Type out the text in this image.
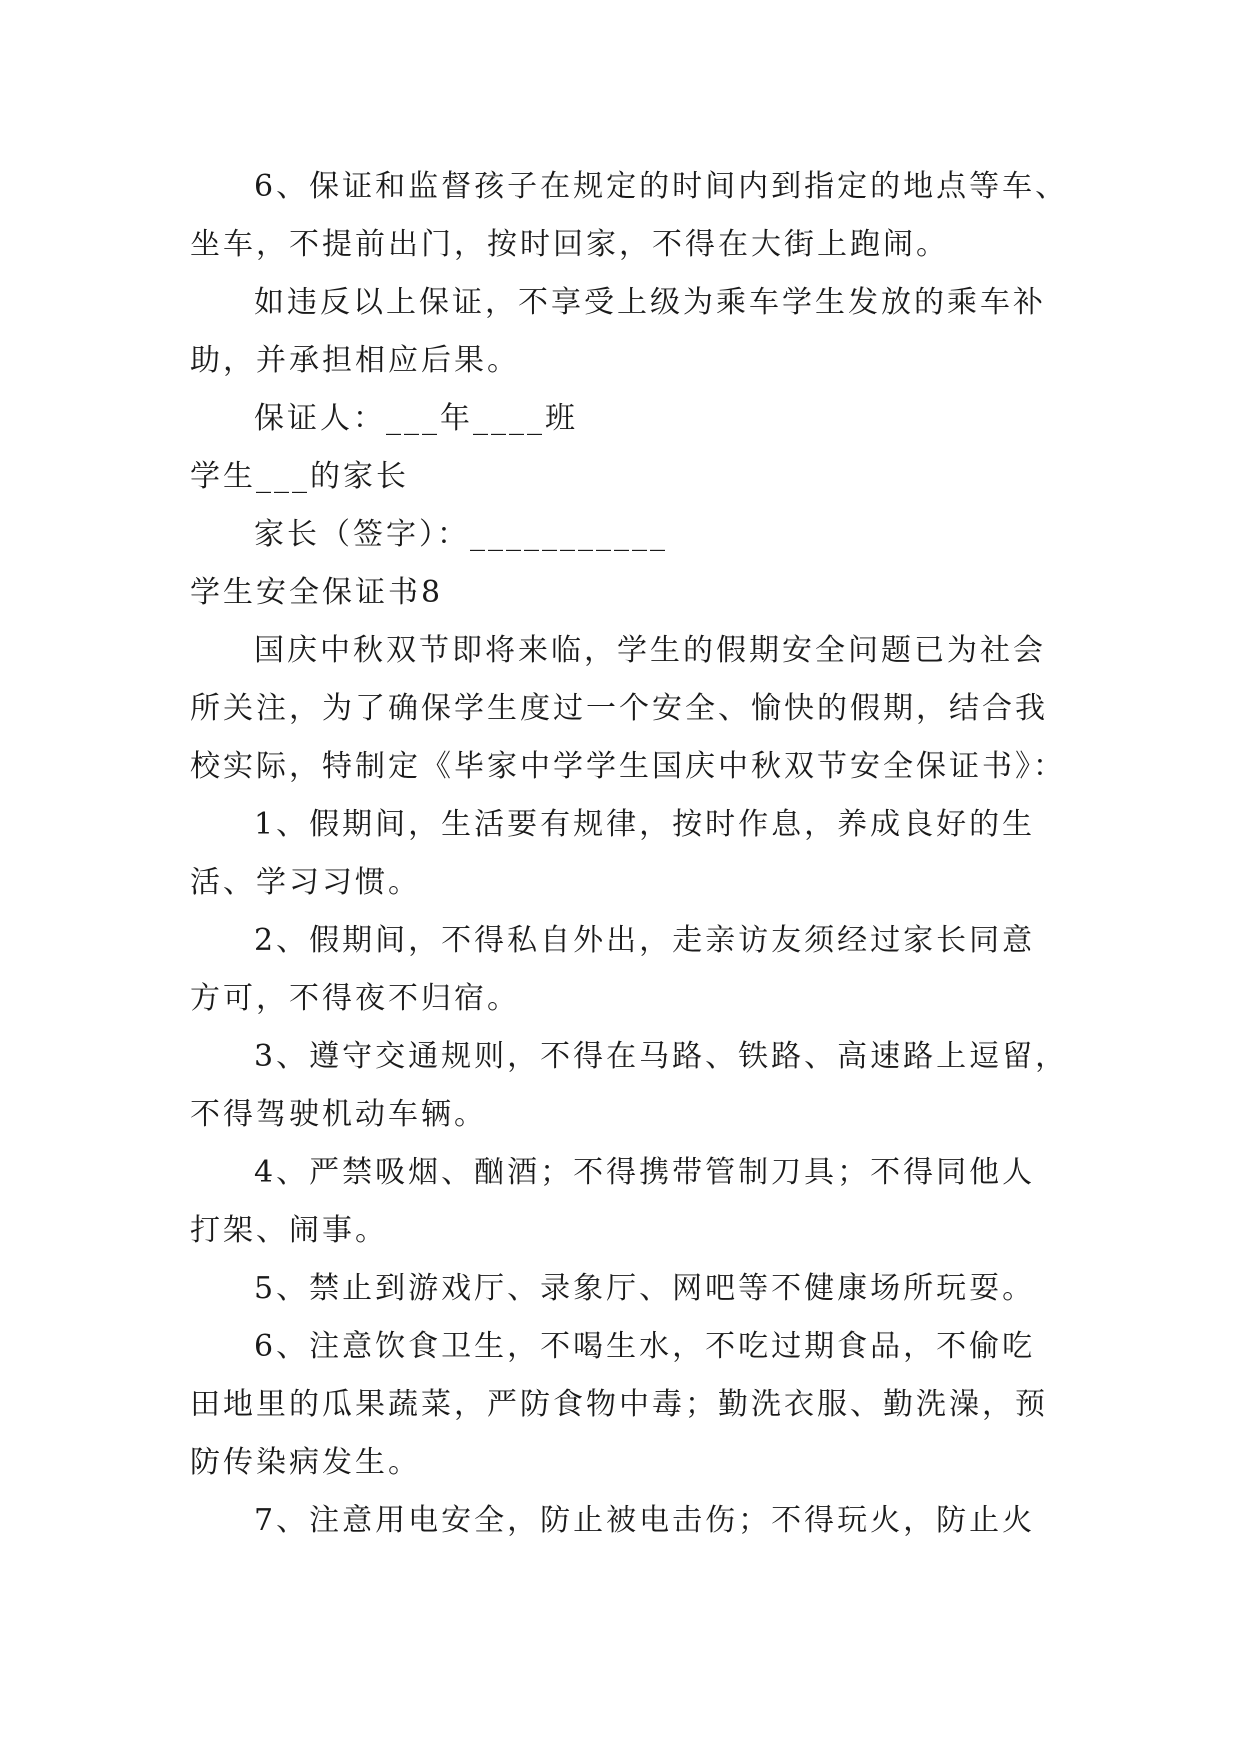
6、保证和监督孩子在规定的时间内到指定的地点等车、
坐车，不提前出门，按时回家，不得在大街上跑闹。
如违反以上保证，不享受上级为乘车学生发放的乘车补
助，并承担相应后果。
保证人：___年____班
学生___的家长
家长（签字）：___________
学生安全保证书8
国庆中秋双节即将来临，学生的假期安全问题已为社会
所关注，为了确保学生度过一个安全、愉快的假期，结合我
校实际，特制定《毕家中学学生国庆中秋双节安全保证书》：
1、假期间，生活要有规律，按时作息，养成良好的生
活、学习习惯。
2、假期间，不得私自外出，走亲访友须经过家长同意
方可，不得夜不归宿。
3、遵守交通规则，不得在马路、铁路、高速路上逗留，
不得驾驶机动车辆。
4、严禁吸烟、酗酒；不得携带管制刀具；不得同他人
打架、闹事。
5、禁止到游戏厅、录象厅、网吧等不健康场所玩耍。
6、注意饮食卫生，不喝生水，不吃过期食品，不偷吃
田地里的瓜果蔬菜，严防食物中毒；勤洗衣服、勤洗澡，预
防传染病发生。
7、注意用电安全，防止被电击伤；不得玩火，防止火
